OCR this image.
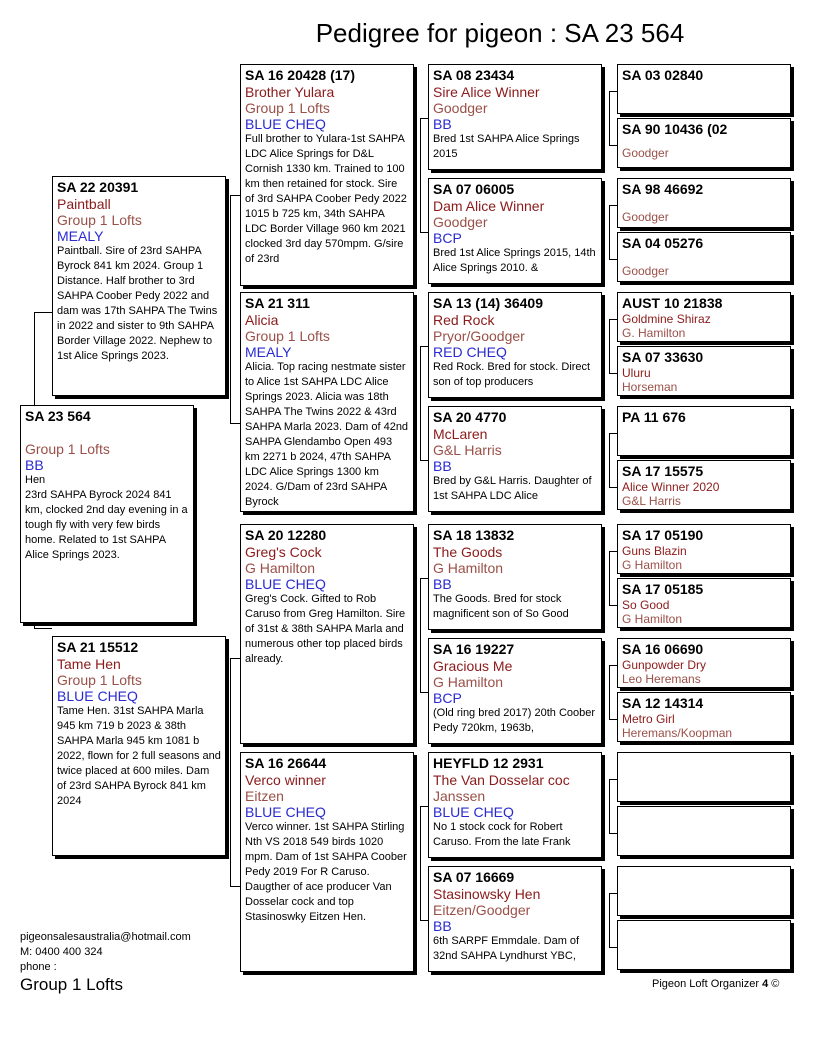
Pedigree for pigeon : SA 23 564
SA 23 564
Group 1 Lofts
BB
Hen
23rd SAHPA Byrock 2024 841 km, clocked 2nd day evening in a tough fly with very few birds home. Related to 1st SAHPA Alice Springs 2023.
SA 22 20391
Paintball
Group 1 Lofts
MEALY
Paintball. Sire of 23rd SAHPA Byrock 841 km 2024. Group 1 Distance. Half brother to 3rd SAHPA Coober Pedy 2022 and dam was 17th SAHPA The Twins in 2022 and sister to 9th SAHPA Border Village 2022. Nephew to 1st Alice Springs 2023.
SA 21 15512
Tame Hen
Group 1 Lofts
BLUE CHEQ
Tame Hen. 31st SAHPA Marla 945 km 719 b 2023 & 38th SAHPA Marla 945 km 1081 b 2022, flown for 2 full seasons and twice placed at 600 miles. Dam of 23rd SAHPA Byrock 841 km 2024
SA 16 20428 (17)
Brother Yulara
Group 1 Lofts
BLUE CHEQ
Full brother to Yulara-1st SAHPA LDC Alice Springs for D&L Cornish 1330 km. Trained to 100 km then retained for stock. Sire of 3rd SAHPA Coober Pedy 2022 1015 b 725 km, 34th SAHPA LDC Border Village 960 km 2021 clocked 3rd day 570mpm. G/sire of 23rd
SA 21 311
Alicia
Group 1 Lofts
MEALY
Alicia. Top racing nestmate sister to Alice 1st SAHPA LDC Alice Springs 2023. Alicia was 18th SAHPA The Twins 2022 & 43rd SAHPA Marla 2023. Dam of 42nd SAHPA Glendambo Open 493 km 2271 b 2024, 47th SAHPA LDC Alice Springs 1300 km 2024. G/Dam of 23rd SAHPA Byrock
SA 20 12280
Greg's Cock
G Hamilton
BLUE CHEQ
Greg's Cock. Gifted to Rob Caruso from Greg Hamilton. Sire of 31st & 38th SAHPA Marla and numerous other top placed birds already.
SA 16 26644
Verco winner
Eitzen
BLUE CHEQ
Verco winner. 1st SAHPA Stirling Nth VS 2018 549 birds 1020 mpm. Dam of 1st SAHPA Coober Pedy 2019 For R Caruso. Daugther of ace producer Van Dosselar cock and top Stasinoswky Eitzen Hen.
SA 08 23434
Sire Alice Winner
Goodger
BB
Bred 1st SAHPA Alice Springs 2015
SA 07 06005
Dam Alice Winner
Goodger
BCP
Bred 1st Alice Springs 2015, 14th Alice Springs 2010. &
SA 13 (14) 36409
Red Rock
Pryor/Goodger
RED CHEQ
Red Rock. Bred for stock. Direct son of top producers
SA 20 4770
McLaren
G&L Harris
BB
Bred by G&L Harris. Daughter of 1st SAHPA LDC Alice
SA 18 13832
The Goods
G Hamilton
BB
The Goods. Bred for stock magnificent son of So Good
SA 16 19227
Gracious Me
G Hamilton
BCP
(Old ring bred 2017) 20th Coober Pedy 720km, 1963b,
HEYFLD 12 2931
The Van Dosselar coc
Janssen
BLUE CHEQ
No 1 stock cock for Robert Caruso. From the late Frank
SA 07 16669
Stasinowsky Hen
Eitzen/Goodger
BB
6th SARPF Emmdale. Dam of 32nd SAHPA Lyndhurst YBC,
SA 03 02840
SA 90 10436 (02
Goodger
SA 98 46692
Goodger
SA 04 05276
Goodger
AUST 10 21838
Goldmine Shiraz
G. Hamilton
SA 07 33630
Uluru
Horseman
PA 11 676
SA 17 15575
Alice Winner 2020
G&L Harris
SA 17 05190
Guns Blazin
G Hamilton
SA 17 05185
So Good
G Hamilton
SA 16 06690
Gunpowder Dry
Leo Heremans
SA 12 14314
Metro Girl
Heremans/Koopman
pigeonsalesaustralia@hotmail.com
M: 0400 400 324
phone :
Group 1 Lofts	Pigeon Loft Organizer 4 ©
